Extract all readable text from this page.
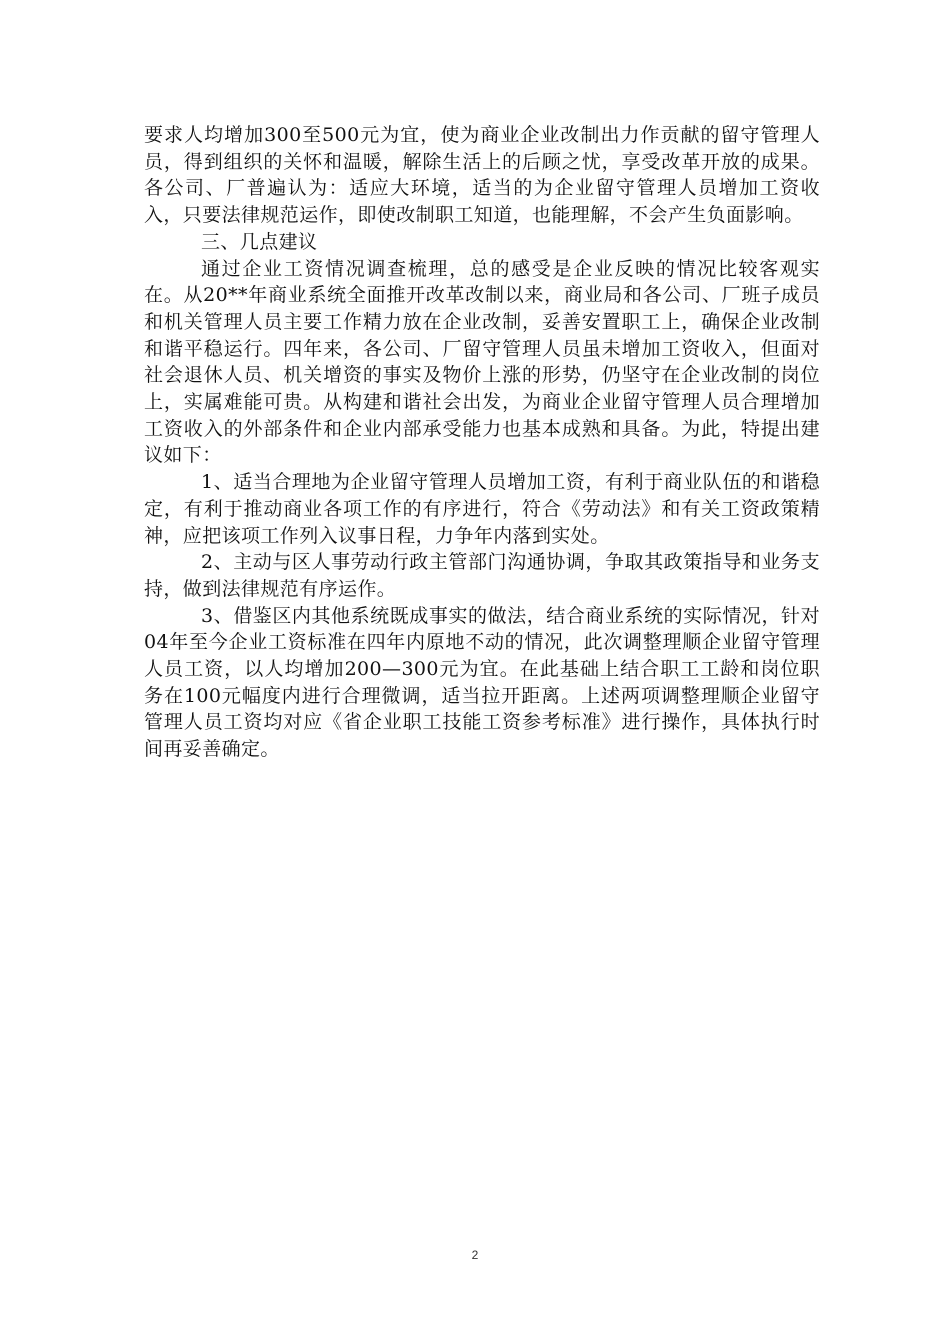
要求人均增加300至500元为宜，使为商业企业改制出力作贡献的留守管理人员，得到组织的关怀和温暖，解除生活上的后顾之忧，享受改革开放的成果。各公司、厂普遍认为：适应大环境，适当的为企业留守管理人员增加工资收入，只要法律规范运作，即使改制职工知道，也能理解，不会产生负面影响。

三、几点建议

通过企业工资情况调查梳理，总的感受是企业反映的情况比较客观实在。从20**年商业系统全面推开改革改制以来，商业局和各公司、厂班子成员和机关管理人员主要工作精力放在企业改制，妥善安置职工上，确保企业改制和谐平稳运行。四年来，各公司、厂留守管理人员虽未增加工资收入，但面对社会退休人员、机关增资的事实及物价上涨的形势，仍坚守在企业改制的岗位上，实属难能可贵。从构建和谐社会出发，为商业企业留守管理人员合理增加工资收入的外部条件和企业内部承受能力也基本成熟和具备。为此，特提出建议如下：

1、适当合理地为企业留守管理人员增加工资，有利于商业队伍的和谐稳定，有利于推动商业各项工作的有序进行，符合《劳动法》和有关工资政策精神，应把该项工作列入议事日程，力争年内落到实处。

2、主动与区人事劳动行政主管部门沟通协调，争取其政策指导和业务支持，做到法律规范有序运作。

3、借鉴区内其他系统既成事实的做法，结合商业系统的实际情况，针对04年至今企业工资标准在四年内原地不动的情况，此次调整理顺企业留守管理人员工资，以人均增加200—300元为宜。在此基础上结合职工工龄和岗位职务在100元幅度内进行合理微调，适当拉开距离。上述两项调整理顺企业留守管理人员工资均对应《省企业职工技能工资参考标准》进行操作，具体执行时间再妥善确定。

2
